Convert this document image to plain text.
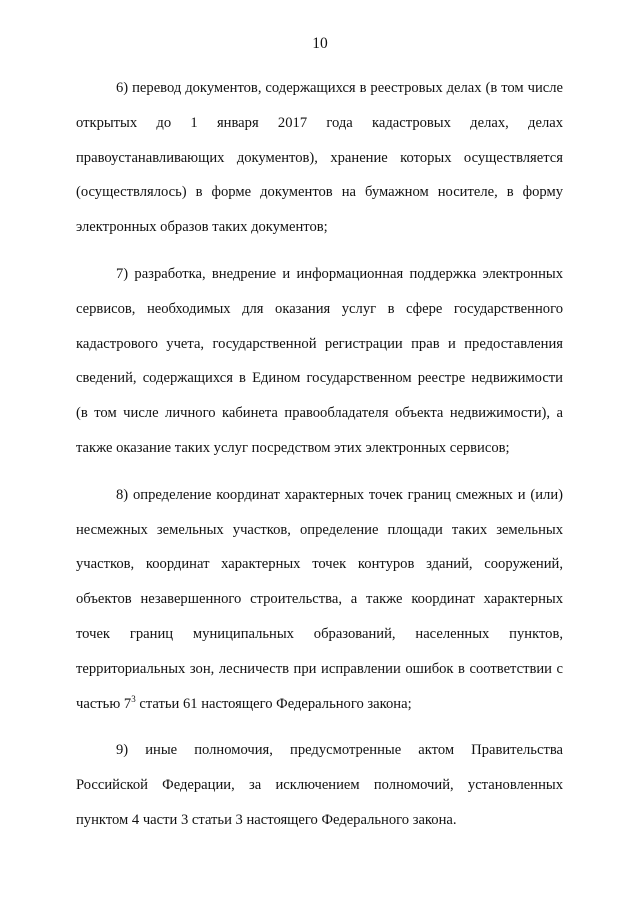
10

6) перевод документов, содержащихся в реестровых делах (в том числе открытых до 1 января 2017 года кадастровых делах, делах правоустанавливающих документов), хранение которых осуществляется (осуществлялось) в форме документов на бумажном носителе, в форму электронных образов таких документов;

7) разработка, внедрение и информационная поддержка электронных сервисов, необходимых для оказания услуг в сфере государственного кадастрового учета, государственной регистрации прав и предоставления сведений, содержащихся в Едином государственном реестре недвижимости (в том числе личного кабинета правообладателя объекта недвижимости), а также оказание таких услуг посредством этих электронных сервисов;

8) определение координат характерных точек границ смежных и (или) несмежных земельных участков, определение площади таких земельных участков, координат характерных точек контуров зданий, сооружений, объектов незавершенного строительства, а также координат характерных точек границ муниципальных образований, населенных пунктов, территориальных зон, лесничеств при исправлении ошибок в соответствии с частью $7^3$ статьи 61 настоящего Федерального закона;

9) иные полномочия, предусмотренные актом Правительства Российской Федерации, за исключением полномочий, установленных пунктом 4 части 3 статьи 3 настоящего Федерального закона.
